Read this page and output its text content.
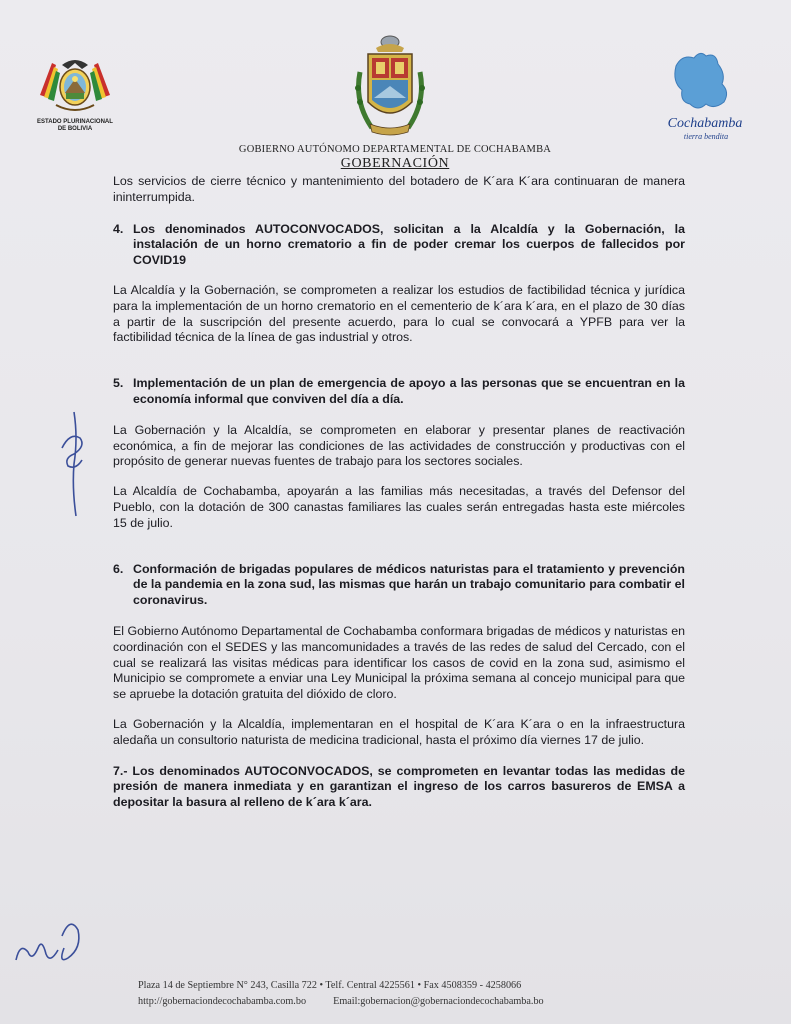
ESTADO PLURINACIONAL DE BOLIVIA	Cochabamba
tierra bendita
GOBIERNO AUTÓNOMO DEPARTAMENTAL DE COCHABAMBA
GOBERNACIÓN

Los servicios de cierre técnico y mantenimiento del botadero de K´ara K´ara continuaran de manera ininterrumpida.

4. Los denominados AUTOCONVOCADOS, solicitan a la Alcaldía y la Gobernación, la instalación de un horno crematorio a fin de poder cremar los cuerpos de fallecidos por COVID19

La Alcaldía y la Gobernación, se comprometen a realizar los estudios de factibilidad técnica y jurídica para la implementación de un horno crematorio en el cementerio de k´ara k´ara, en el plazo de 30 días a partir de la suscripción del presente acuerdo, para lo cual se convocará a YPFB para ver la factibilidad técnica de la línea de gas industrial y otros.

5. Implementación de un plan de emergencia de apoyo a las personas que se encuentran en la economía informal que conviven del día a día.

La Gobernación y la Alcaldía, se comprometen en elaborar y presentar planes de reactivación económica, a fin de mejorar las condiciones de las actividades de construcción y productivas con el propósito de generar nuevas fuentes de trabajo para los sectores sociales.

La Alcaldía de Cochabamba, apoyarán a las familias más necesitadas, a través del Defensor del Pueblo, con la dotación de 300 canastas familiares las cuales serán entregadas hasta este miércoles 15 de julio.

6. Conformación de brigadas populares de médicos naturistas para el tratamiento y prevención de la pandemia en la zona sud, las mismas que harán un trabajo comunitario para combatir el coronavirus.

El Gobierno Autónomo Departamental de Cochabamba conformara brigadas de médicos y naturistas en coordinación con el SEDES y las mancomunidades a través de las redes de salud del Cercado, con el cual se realizará las visitas médicas para identificar los casos de covid en la zona sud, asimismo el Municipio se compromete a enviar una Ley Municipal la próxima semana al concejo municipal para que se apruebe la dotación gratuita del dióxido de cloro.

La Gobernación y la Alcaldía, implementaran en el hospital de K´ara K´ara o en la infraestructura aledaña un consultorio naturista de medicina tradicional, hasta el próximo día viernes 17 de julio.

7.- Los denominados AUTOCONVOCADOS, se comprometen en levantar todas las medidas de presión de manera inmediata y en garantizan el ingreso de los carros basureros de EMSA a depositar la basura al relleno de k´ara k´ara.
Plaza 14 de Septiembre N° 243, Casilla 722 • Telf. Central 4225561 • Fax 4508359 - 4258066
http://gobernaciondecochabamba.com.bo	Email:gobernacion@gobernaciondecochabamba.bo
